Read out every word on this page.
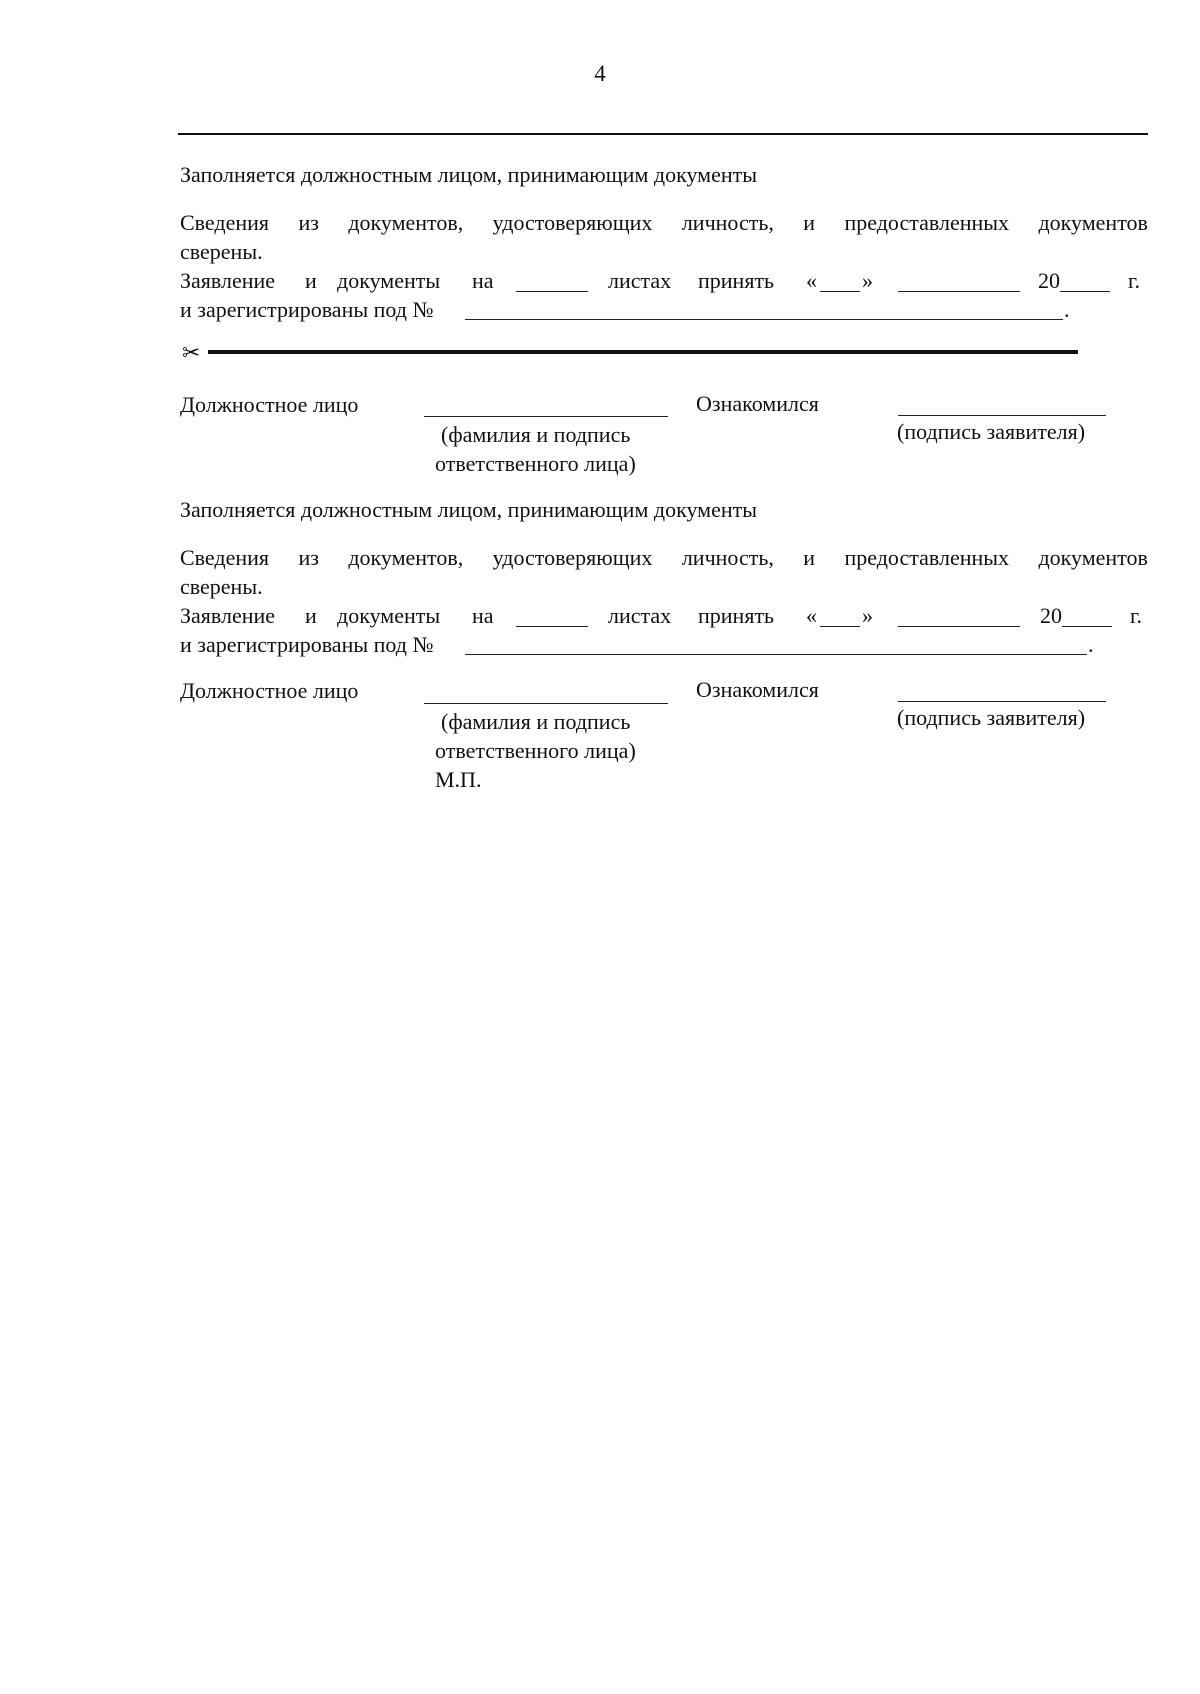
4
Заполняется должностным лицом, принимающим документы
Сведения из документов, удостоверяющих личность, и предоставленных документов
сверены.
Заявление и документы на	листах принять « »	20	г.
и зарегистрированы под №	.
✂
Должностное лицо
(фамилия и подпись
ответственного лица)
Ознакомился
(подпись заявителя)
Заполняется должностным лицом, принимающим документы
Сведения из документов, удостоверяющих личность, и предоставленных документов
сверены.
Заявление и документы на	листах принять « »	20	г.
и зарегистрированы под №	.
Должностное лицо
(фамилия и подпись
ответственного лица)
М.П.
Ознакомился
(подпись заявителя)
